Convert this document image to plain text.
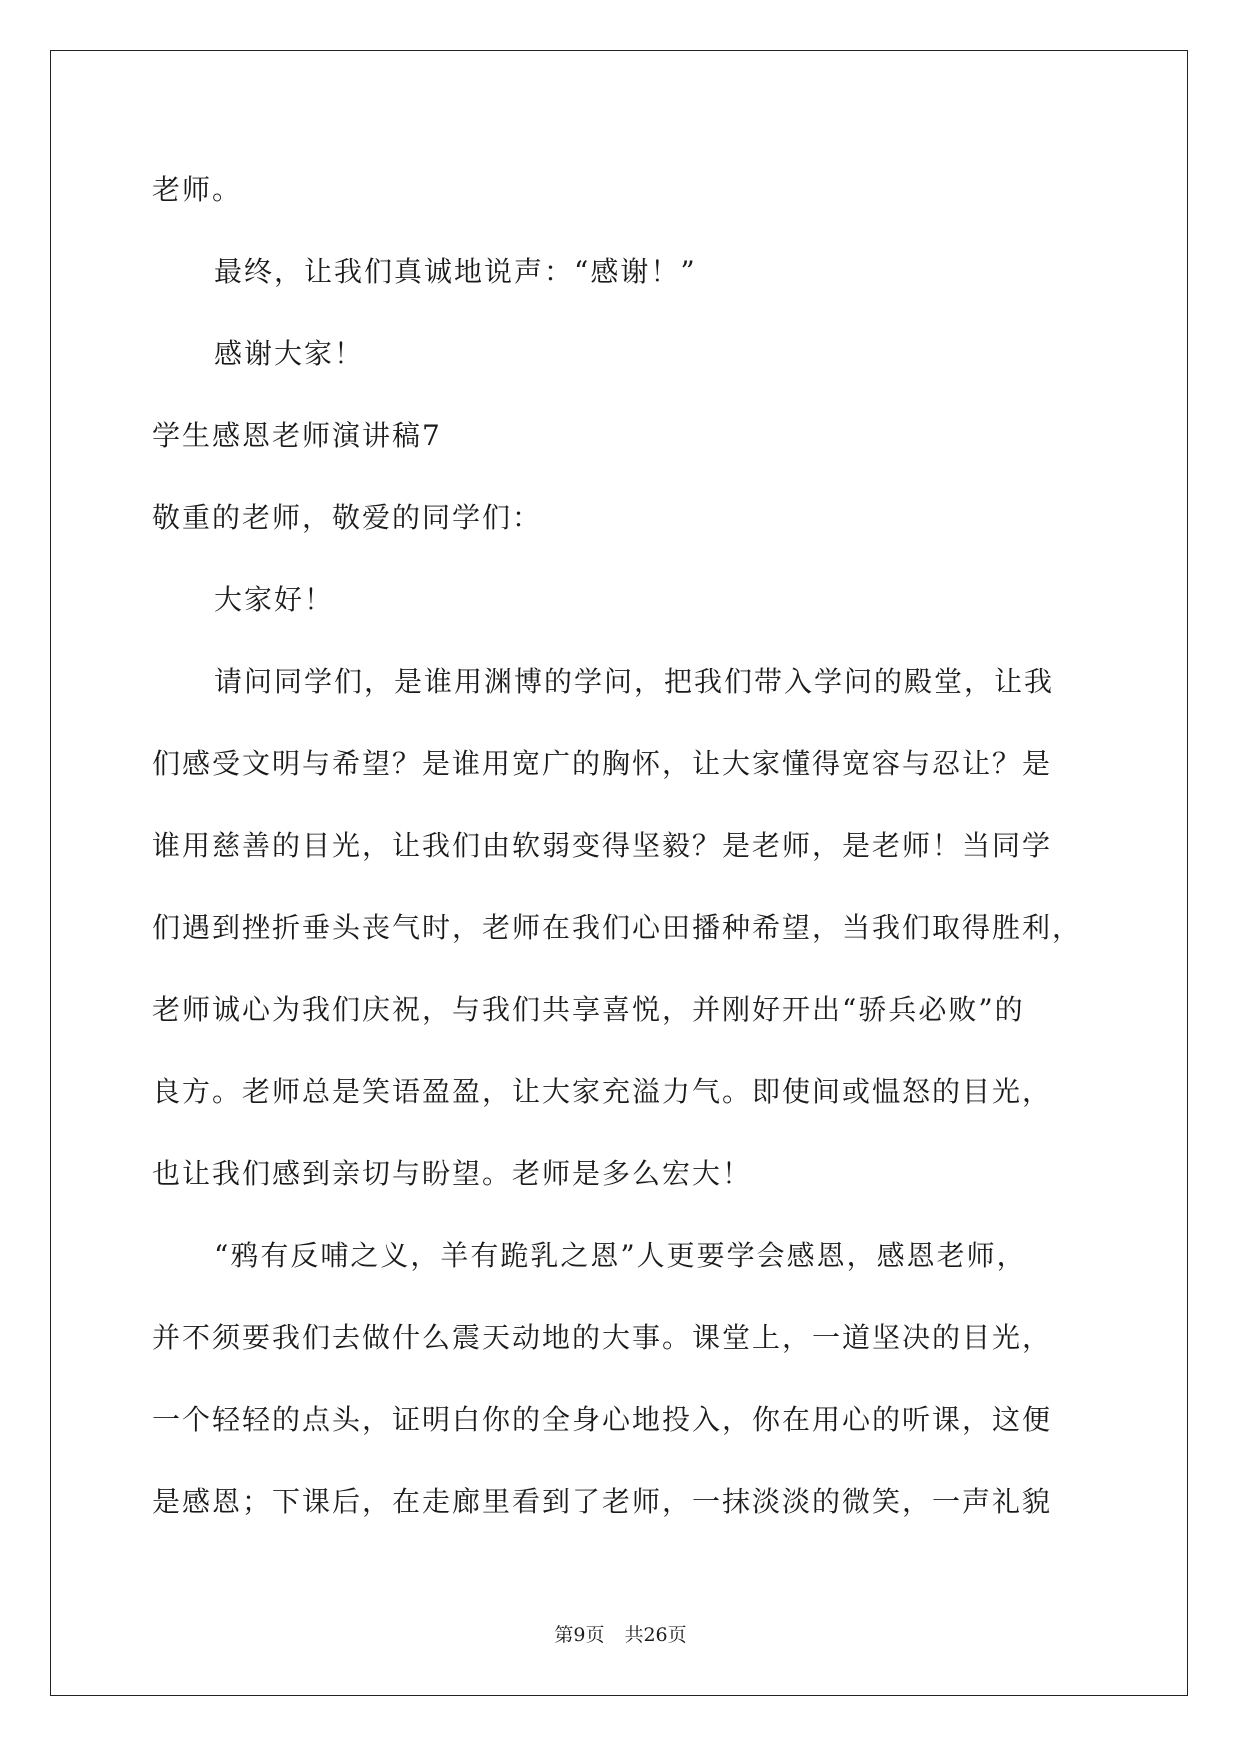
老师。
最终，让我们真诚地说声：“感谢！”
感谢大家！
学生感恩老师演讲稿7
敬重的老师，敬爱的同学们：
大家好！
请问同学们，是谁用渊博的学问，把我们带入学问的殿堂，让我
们感受文明与希望？是谁用宽广的胸怀，让大家懂得宽容与忍让？是
谁用慈善的目光，让我们由软弱变得坚毅？是老师，是老师！当同学
们遇到挫折垂头丧气时，老师在我们心田播种希望，当我们取得胜利，
老师诚心为我们庆祝，与我们共享喜悦，并刚好开出“骄兵必败”的
良方。老师总是笑语盈盈，让大家充溢力气。即使间或愠怒的目光，
也让我们感到亲切与盼望。老师是多么宏大！
“鸦有反哺之义，羊有跪乳之恩”人更要学会感恩，感恩老师，
并不须要我们去做什么震天动地的大事。课堂上，一道坚决的目光，
一个轻轻的点头，证明白你的全身心地投入，你在用心的听课，这便
是感恩；下课后，在走廊里看到了老师，一抹淡淡的微笑，一声礼貌
第9页 共26页
